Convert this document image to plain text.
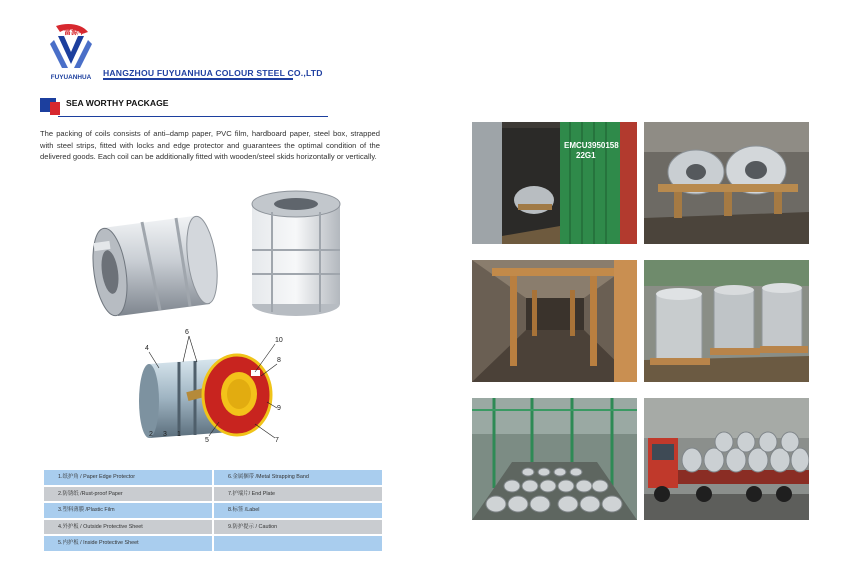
富源华
FUYUANHUA HANGZHOU FUYUANHUA COLOUR STEEL CO.,LTD
SEA WORTHY PACKAGE

The packing of coils consists of anti–damp paper, PVC film, hardboard paper, steel box, strapped with steel strips, fitted with locks and edge protector and guarantees the optimal condition of the delivered goods. Each coil can be additionally fitted with wooden/steel skids horizontally or vertically.

4
6
10
8
9
7
2 3 1
5
1.纸护角 / Paper Edge Protector	6.金属捆带 /Metal Strapping Band
2.防锈纸 /Rust-proof Paper	7.护端片/ End Plate
3.塑料薄膜 /Plastic Film	8.标签 /Label
4.外护板 / Outside Protective Sheet	9.防护提示 / Caution
5.内护板 / Inside Protective Sheet
EMCU3950158
22G1
